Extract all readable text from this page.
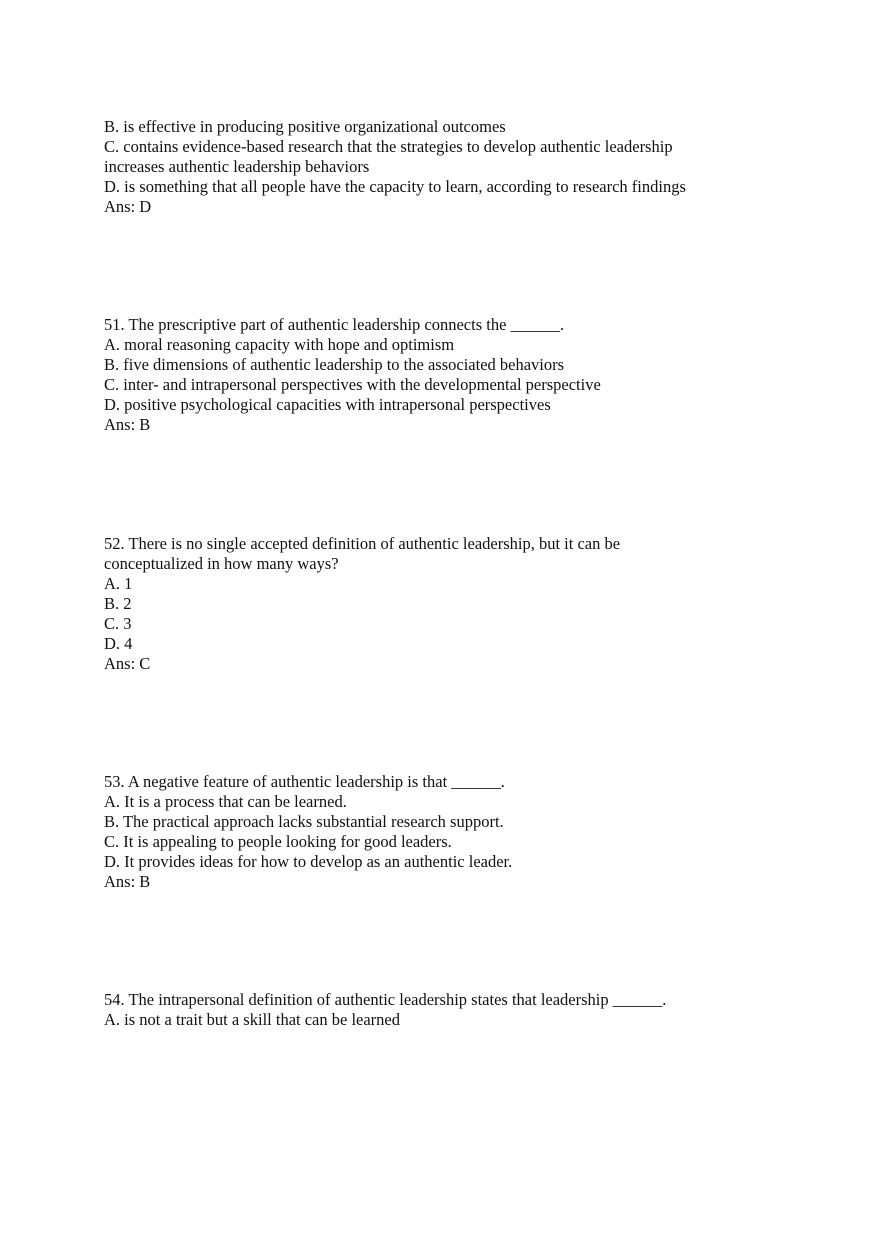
B. is effective in producing positive organizational outcomes
C. contains evidence-based research that the strategies to develop authentic leadership
increases authentic leadership behaviors
D. is something that all people have the capacity to learn, according to research findings
Ans: D
51. The prescriptive part of authentic leadership connects the ______.
A. moral reasoning capacity with hope and optimism
B. five dimensions of authentic leadership to the associated behaviors
C. inter- and intrapersonal perspectives with the developmental perspective
D. positive psychological capacities with intrapersonal perspectives
Ans: B
52. There is no single accepted definition of authentic leadership, but it can be
conceptualized in how many ways?
A. 1
B. 2
C. 3
D. 4
Ans: C
53. A negative feature of authentic leadership is that ______.
A. It is a process that can be learned.
B. The practical approach lacks substantial research support.
C. It is appealing to people looking for good leaders.
D. It provides ideas for how to develop as an authentic leader.
Ans: B
54. The intrapersonal definition of authentic leadership states that leadership ______.
A. is not a trait but a skill that can be learned
